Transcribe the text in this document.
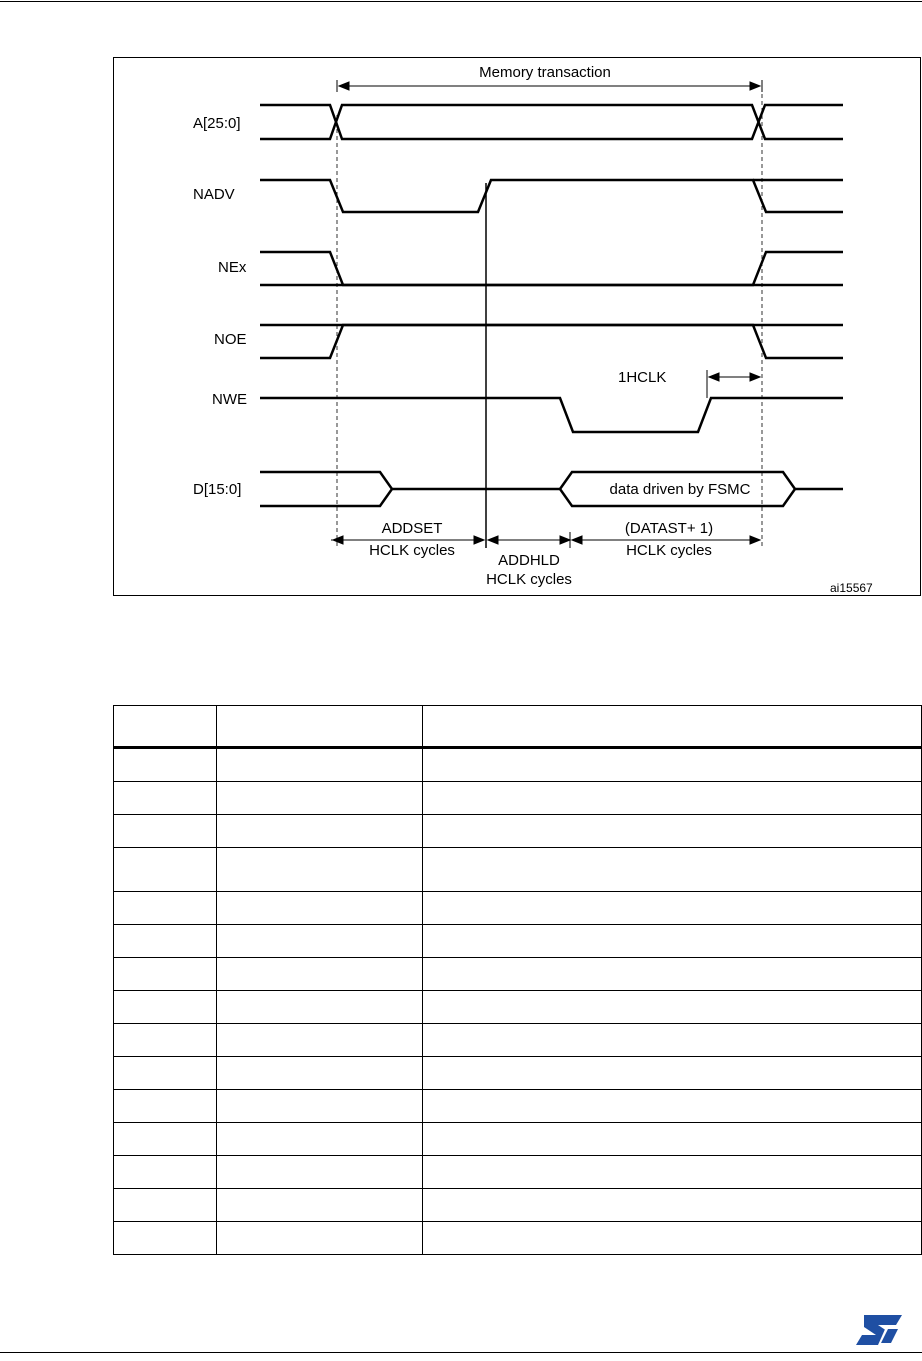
Memory transaction
A[25:0]
NADV
NEx
NOE
NWE
D[15:0]
1HCLK
data driven by FSMC
ADDSET
HCLK cycles
ADDHLD
HCLK cycles
(DATAST+ 1)
HCLK cycles
ai15567
